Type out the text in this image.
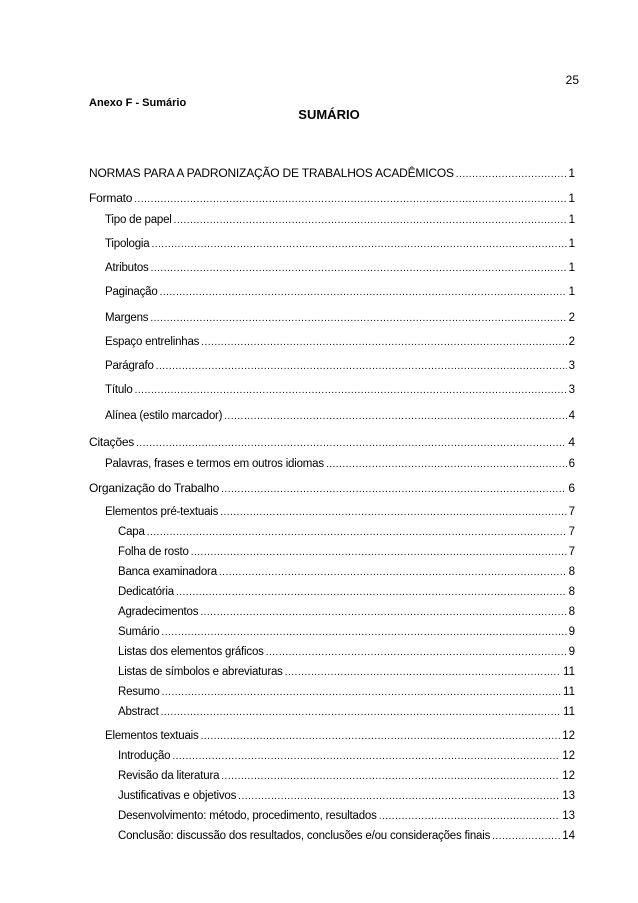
25
Anexo F - Sumário
SUMÁRIO
NORMAS PARA A PADRONIZAÇÃO DE TRABALHOS ACADÊMICOS .....	1
Formato .....	1
Tipo de papel .....	1
Tipologia .....	1
Atributos .....	1
Paginação .....	1
Margens .....	2
Espaço entrelinhas .....	2
Parágrafo .....	3
Título .....	3
Alínea (estilo marcador) .....	4
Citações .....	4
Palavras, frases e termos em outros idiomas .....	6
Organização do Trabalho .....	6
Elementos pré-textuais .....	7
Capa .....	7
Folha de rosto .....	7
Banca examinadora .....	8
Dedicatória .....	8
Agradecimentos .....	8
Sumário .....	9
Listas dos elementos gráficos .....	9
Listas de símbolos e abreviaturas .....	11
Resumo .....	11
Abstract .....	11
Elementos textuais .....	12
Introdução .....	12
Revisão da literatura .....	12
Justificativas e objetivos .....	13
Desenvolvimento: método, procedimento, resultados .....	13
Conclusão: discussão dos resultados, conclusões e/ou considerações finais .....	14
